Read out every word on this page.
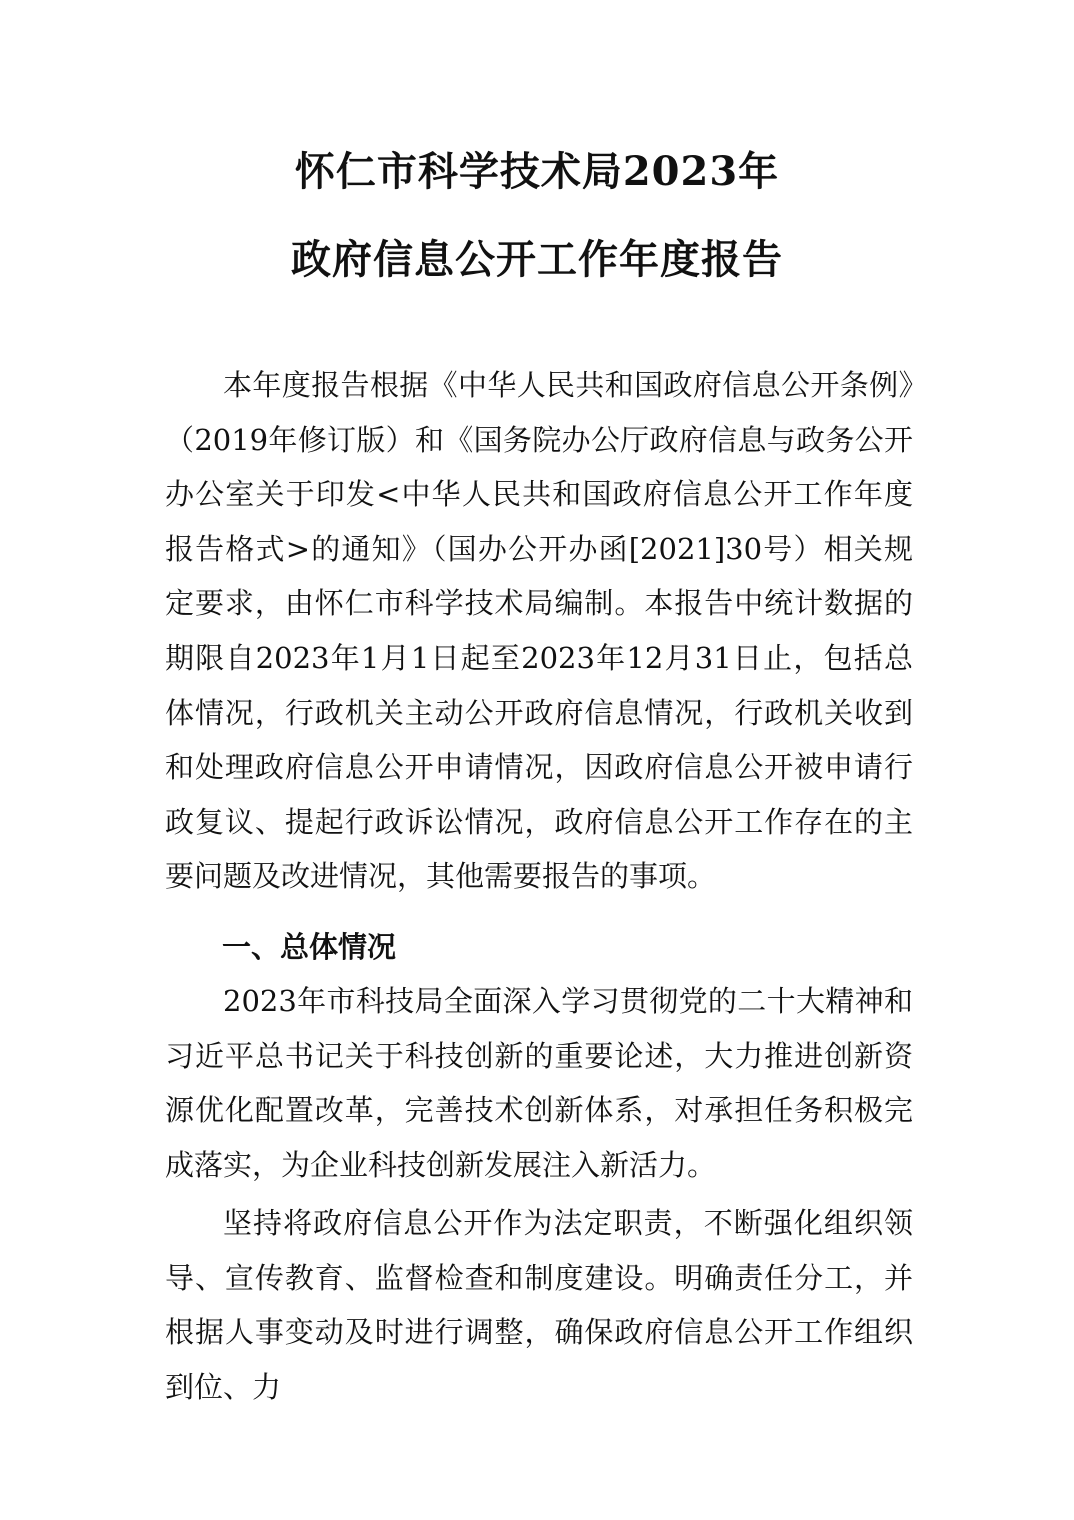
怀仁市科学技术局2023年
政府信息公开工作年度报告

本年度报告根据《中华人民共和国政府信息公开条例》（2019年修订版）和《国务院办公厅政府信息与政务公开办公室关于印发<中华人民共和国政府信息公开工作年度报告格式>的通知》（国办公开办函[2021]30号）相关规定要求，由怀仁市科学技术局编制。本报告中统计数据的期限自2023年1月1日起至2023年12月31日止，包括总体情况，行政机关主动公开政府信息情况，行政机关收到和处理政府信息公开申请情况，因政府信息公开被申请行政复议、提起行政诉讼情况，政府信息公开工作存在的主要问题及改进情况，其他需要报告的事项。

一、总体情况

2023年市科技局全面深入学习贯彻党的二十大精神和习近平总书记关于科技创新的重要论述，大力推进创新资源优化配置改革，完善技术创新体系，对承担任务积极完成落实，为企业科技创新发展注入新活力。

坚持将政府信息公开作为法定职责，不断强化组织领导、宣传教育、监督检查和制度建设。明确责任分工，并根据人事变动及时进行调整，确保政府信息公开工作组织到位、力
